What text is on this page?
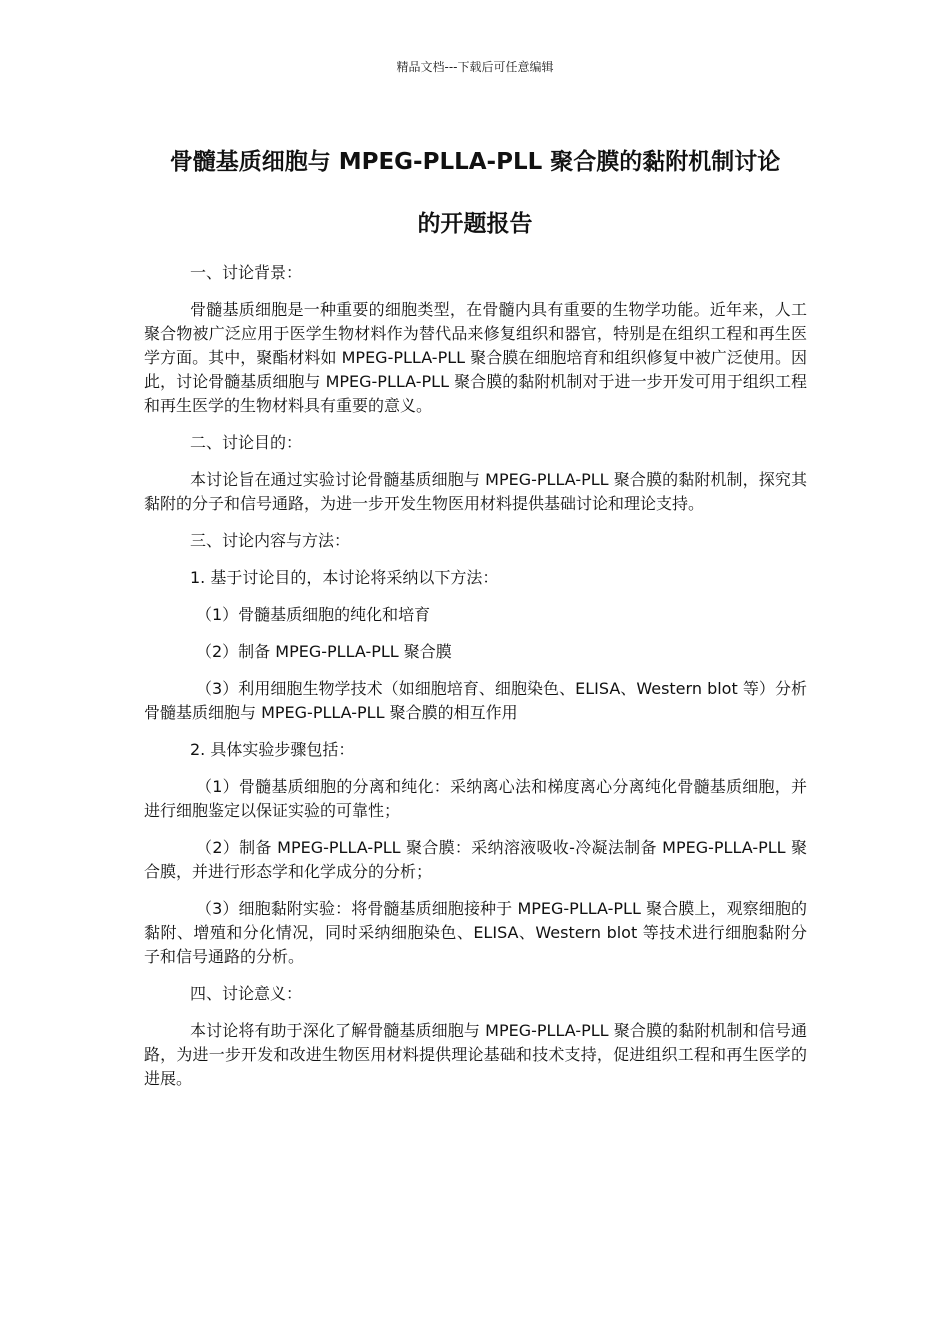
精品文档---下载后可任意编辑
骨髓基质细胞与 MPEG-PLLA-PLL 聚合膜的黏附机制讨论
的开题报告

一、讨论背景：

骨髓基质细胞是一种重要的细胞类型，在骨髓内具有重要的生物学功能。近年来，人工聚合物被广泛应用于医学生物材料作为替代品来修复组织和器官，特别是在组织工程和再生医学方面。其中，聚酯材料如 MPEG-PLLA-PLL 聚合膜在细胞培育和组织修复中被广泛使用。因此，讨论骨髓基质细胞与 MPEG-PLLA-PLL 聚合膜的黏附机制对于进一步开发可用于组织工程和再生医学的生物材料具有重要的意义。

二、讨论目的：

本讨论旨在通过实验讨论骨髓基质细胞与 MPEG-PLLA-PLL 聚合膜的黏附机制，探究其黏附的分子和信号通路，为进一步开发生物医用材料提供基础讨论和理论支持。

三、讨论内容与方法：

1. 基于讨论目的，本讨论将采纳以下方法：

（1）骨髓基质细胞的纯化和培育

（2）制备 MPEG-PLLA-PLL 聚合膜

（3）利用细胞生物学技术（如细胞培育、细胞染色、ELISA、Western blot 等）分析骨髓基质细胞与 MPEG-PLLA-PLL 聚合膜的相互作用

2. 具体实验步骤包括：

（1）骨髓基质细胞的分离和纯化：采纳离心法和梯度离心分离纯化骨髓基质细胞，并进行细胞鉴定以保证实验的可靠性；

（2）制备 MPEG-PLLA-PLL 聚合膜：采纳溶液吸收-冷凝法制备 MPEG-PLLA-PLL 聚合膜，并进行形态学和化学成分的分析；

（3）细胞黏附实验：将骨髓基质细胞接种于 MPEG-PLLA-PLL 聚合膜上，观察细胞的黏附、增殖和分化情况，同时采纳细胞染色、ELISA、Western blot 等技术进行细胞黏附分子和信号通路的分析。

四、讨论意义：

本讨论将有助于深化了解骨髓基质细胞与 MPEG-PLLA-PLL 聚合膜的黏附机制和信号通路，为进一步开发和改进生物医用材料提供理论基础和技术支持，促进组织工程和再生医学的进展。
